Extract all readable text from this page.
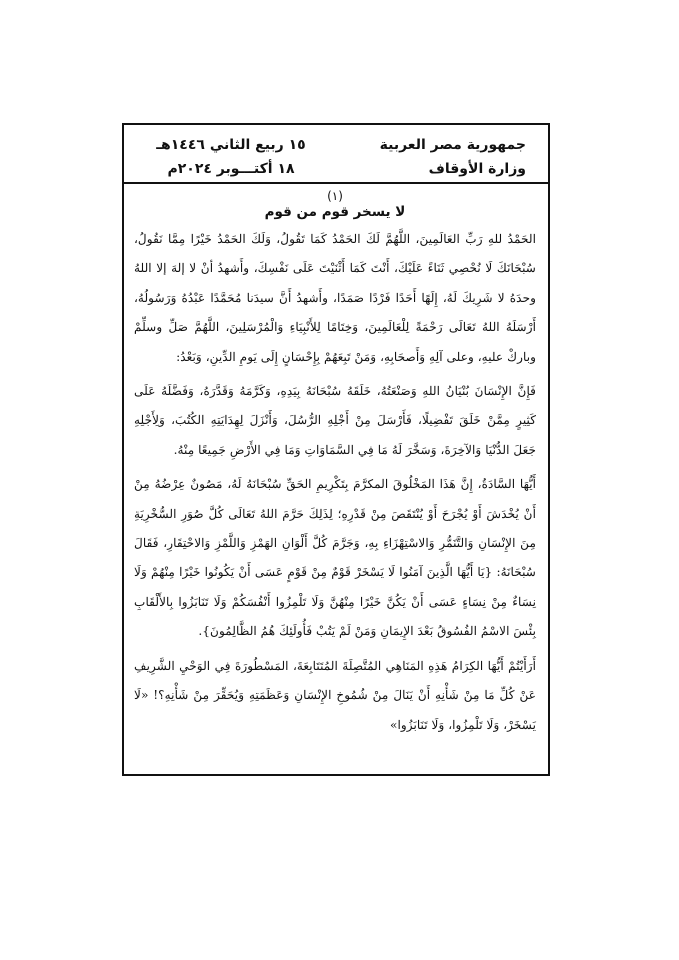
جمهورية مصر العربية
وزارة الأوقاف
١٥ ربيع الثاني ١٤٤٦هـ
١٨ أكتـــوبر ٢٠٢٤م
(١)
لا يسخر قوم من قوم

الحَمْدُ للهِ رَبِّ العَالَمِينَ، اللَّهُمَّ لَكَ الحَمْدُ كَمَا تَقُولُ، وَلَكَ الحَمْدُ خَيْرًا مِمَّا نَقُولُ، سُبْحَانَكَ لَا نُحْصِي ثَنَاءً عَلَيْكَ، أَنْتَ كَمَا أَثْنَيْتَ عَلَى نَفْسِكَ، وأَشهدُ أنْ لا إلهَ إلا اللهُ وحدَهُ لا شَرِيكَ لَهُ، إِلَهًا أَحَدًا فَرْدًا صَمَدًا، وأَشهدُ أَنَّ سيدَنا مُحَمَّدًا عَبْدُهُ وَرَسُولُهُ، أَرْسَلَهُ اللهُ تَعَالَى رَحْمَةً لِلْعَالَمِينَ، وَخِتَامًا لِلأَنْبِيَاءِ وَالْمُرْسَلِينَ، اللَّهُمَّ صَلِّ وسلِّمْ وباركْ عليهِ، وعلى آلِهِ وَأَصحَابِهِ، وَمَنْ تَبِعَهُمْ بِإِحْسَانٍ إِلَى يَومِ الدِّينِ، وَبَعْدُ:

فَإِنَّ الإِنْسَانَ بُنْيَانُ اللهِ وَصَنْعَتُهُ، خَلَقَهُ سُبْحَانَهُ بِيَدِهِ، وَكَرَّمَهُ وَقَدَّرَهُ، وَفَضَّلَهُ عَلَى كَثِيرٍ مِمَّنْ خَلَقَ تَفْضِيلًا، فَأَرْسَلَ مِنْ أَجْلِهِ الرُّسُلَ، وَأَنْزَلَ لِهِدَايَتِهِ الكُتُبَ، وَلِأَجْلِهِ جَعَلَ الدُّنْيَا وَالآخِرَةَ، وَسَخَّرَ لَهُ مَا فِي السَّمَاوَاتِ وَمَا فِي الأَرْضِ جَمِيعًا مِنْهُ.

أَيُّهَا السَّادَةُ، إِنَّ هَذَا المَخْلُوقَ المكرَّمَ بِتَكْرِيمِ الحَقِّ سُبْحَانَهُ لَهُ، مَصُونٌ عِرْضُهُ مِنْ أَنْ يُخْدَشَ أَوْ يُجْرَحَ أَوْ يُنْتَقَصَ مِنْ قَدْرِهِ؛ لِذَلِكَ حَرَّمَ اللهُ تَعَالَى كُلَّ صُوَرِ السُّخْرِيَةِ مِنَ الإِنْسَانِ وَالتَّنَمُّرِ وَالاسْتِهْزَاءِ بِهِ، وَجَرَّمَ كُلَّ أَلْوَانِ الهَمْزِ وَاللَّمْزِ وَالاحْتِقَارِ، فَقَالَ سُبْحَانَهُ: {يَا أَيُّهَا الَّذِينَ آمَنُوا لَا يَسْخَرْ قَوْمٌ مِنْ قَوْمٍ عَسَى أَنْ يَكُونُوا خَيْرًا مِنْهُمْ وَلَا نِسَاءٌ مِنْ نِسَاءٍ عَسَى أَنْ يَكُنَّ خَيْرًا مِنْهُنَّ وَلَا تَلْمِزُوا أَنْفُسَكُمْ وَلَا تَنَابَزُوا بِالأَلْقَابِ بِئْسَ الاسْمُ الفُسُوقُ بَعْدَ الإِيمَانِ وَمَنْ لَمْ يَتُبْ فَأُولَئِكَ هُمُ الظَّالِمُونَ}.

أَرَأَيْتُمْ أَيُّهَا الكِرَامُ هَذِهِ المَنَاهِي المُتَّصِلَةَ المُتَتَابِعَةَ، المَسْطُورَةَ فِي الوَحْيِ الشَّرِيفِ عَنْ كُلِّ مَا مِنْ شَأْنِهِ أَنْ يَنَالَ مِنْ شُمُوخِ الإِنْسَانِ وَعَظَمَتِهِ وَيُحَقِّرَ مِنْ شَأْنِهِ؟! «لَا يَسْخَرْ، وَلَا تَلْمِزُوا، وَلَا تَنَابَزُوا»
